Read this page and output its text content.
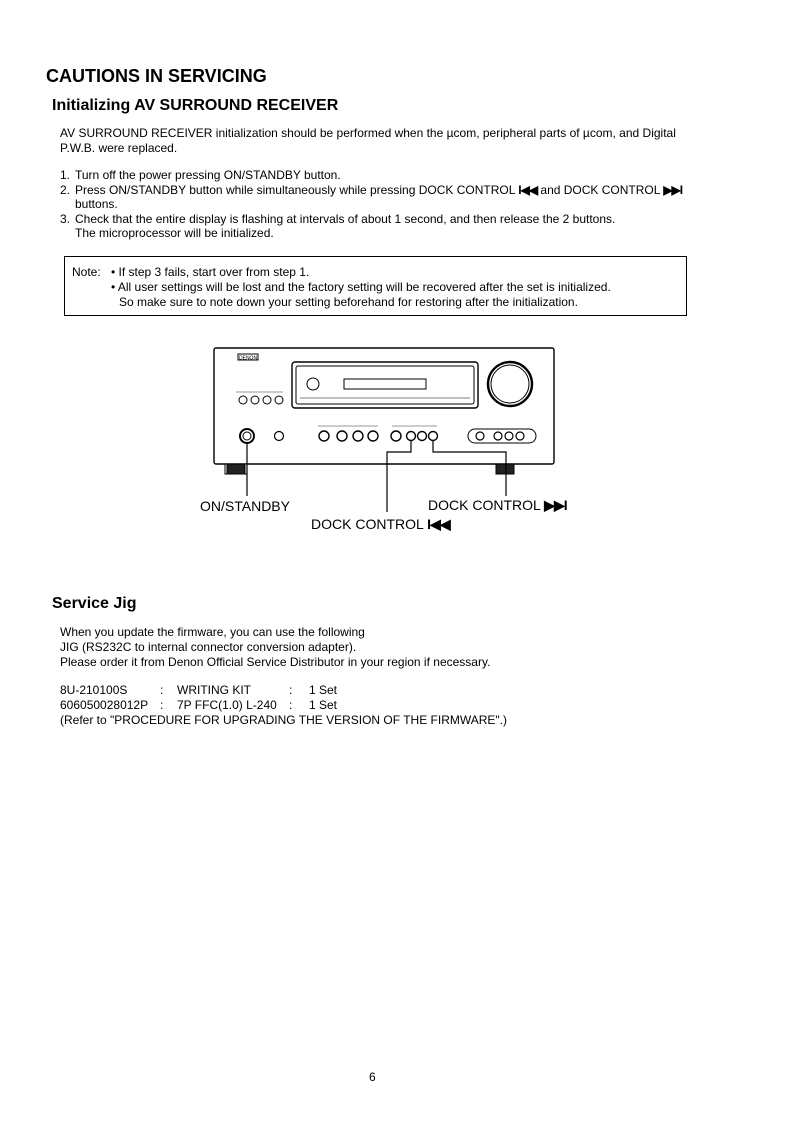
CAUTIONS IN SERVICING
Initializing AV SURROUND RECEIVER
AV SURROUND RECEIVER initialization should be performed when the µcom, peripheral parts of µcom, and Digital
P.W.B. were replaced.
1. Turn off the power pressing ON/STANDBY button.
2. Press ON/STANDBY button while simultaneously while pressing DOCK CONTROL I◀◀ and DOCK CONTROL ▶▶I
buttons.
3. Check that the entire display is flashing at intervals of about 1 second, and then release the 2 buttons.
The microprocessor will be initialized.
Note: • If step 3 fails, start over from step 1.
• All user settings will be lost and the factory setting will be recovered after the set is initialized.
So make sure to note down your setting beforehand for restoring after the initialization.
DENON
ON/STANDBY	DOCK CONTROL ▶▶I
DOCK CONTROL I◀◀
Service Jig
When you update the firmware, you can use the following
JIG (RS232C to internal connector conversion adapter).
Please order it from Denon Official Service Distributor in your region if necessary.
8U-210100S	: WRITING KIT	: 1 Set
606050028012P : 7P FFC(1.0) L-240 : 1 Set
(Refer to "PROCEDURE FOR UPGRADING THE VERSION OF THE FIRMWARE".)
6
